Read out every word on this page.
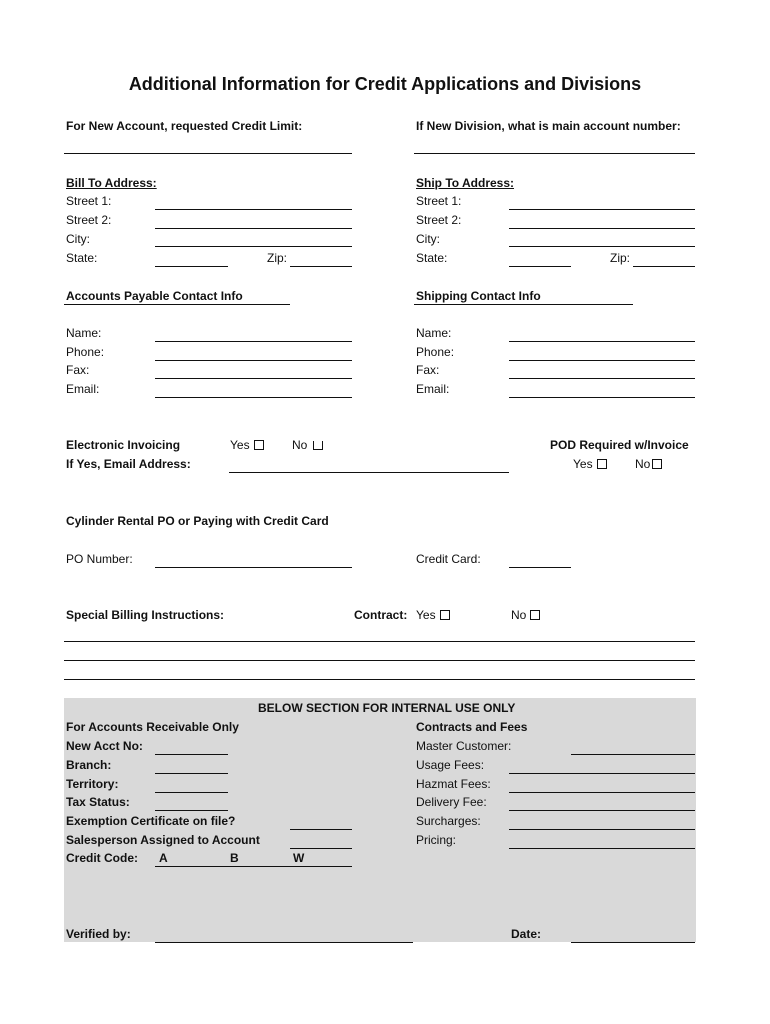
Additional Information for Credit Applications and Divisions
For New Account, requested Credit Limit:	If New Division, what is main account number:
Bill To Address:
Street 1:
Street 2:
City:
State:	Zip:
Ship To Address:
Street 1:
Street 2:
City:
State:	Zip:
Accounts Payable Contact Info
Name:
Phone:
Fax:
Email:
Shipping Contact Info
Name:
Phone:
Fax:
Email:
Electronic Invoicing	Yes	No
If Yes, Email Address:
POD Required w/Invoice
Yes	No
Cylinder Rental PO or Paying with Credit Card
PO Number:	Credit Card:
Special Billing Instructions:	Contract: Yes	No
BELOW SECTION FOR INTERNAL USE ONLY
For Accounts Receivable Only
New Acct No:
Branch:
Territory:
Tax Status:
Exemption Certificate on file?
Salesperson Assigned to Account
Credit Code: A	B	W
Contracts and Fees
Master Customer:
Usage Fees:
Hazmat Fees:
Delivery Fee:
Surcharges:
Pricing:
Verified by:	Date:
